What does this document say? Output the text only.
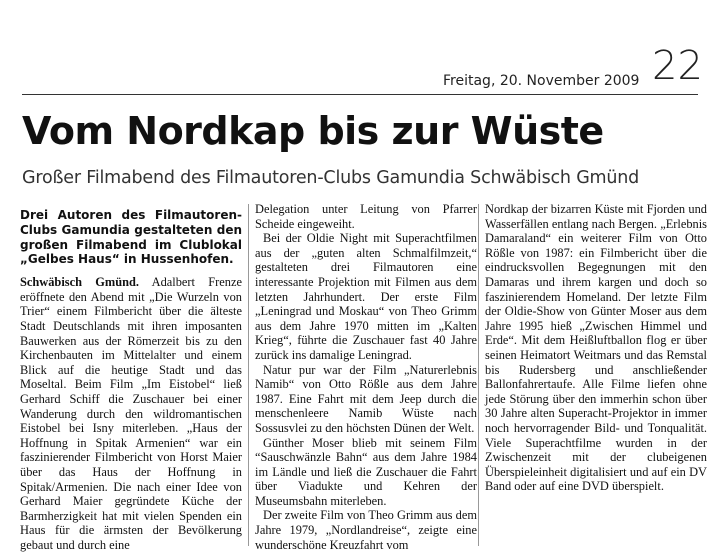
Freitag, 20. November 2009 22
Vom Nordkap bis zur Wüste
Großer Filmabend des Filmautoren-Clubs Gamundia Schwäbisch Gmünd

Drei Autoren des Filmautoren-Clubs Gamundia gestalteten den großen Filmabend im Clublokal „Gelbes Haus“ in Hussenhofen.

Schwäbisch Gmünd. Adalbert Frenze eröffnete den Abend mit „Die Wurzeln von Trier“ einem Filmbericht über die älteste Stadt Deutschlands mit ihren imposanten Bauwerken aus der Römerzeit bis zu den Kirchenbauten im Mittelalter und einem Blick auf die heutige Stadt und das Moseltal. Beim Film „Im Eistobel“ ließ Gerhard Schiff die Zuschauer bei einer Wanderung durch den wildromantischen Eistobel bei Isny miterleben. „Haus der Hoffnung in Spitak Armenien“ war ein faszinierender Filmbericht von Horst Maier über das Haus der Hoffnung in Spitak/Armenien. Die nach einer Idee von Gerhard Maier gegründete Küche der Barmherzigkeit hat mit vielen Spenden ein Haus für die ärmsten der Bevölkerung gebaut und durch eine

Delegation unter Leitung von Pfarrer Scheide eingeweiht.

Bei der Oldie Night mit Superachtfilmen aus der „guten alten Schmalfilmzeit,“ gestalteten drei Filmautoren eine interessante Projektion mit Filmen aus dem letzten Jahrhundert. Der erste Film „Leningrad und Moskau“ von Theo Grimm aus dem Jahre 1970 mitten im „Kalten Krieg“, führte die Zuschauer fast 40 Jahre zurück ins damalige Leningrad.

Natur pur war der Film „Naturerlebnis Namib“ von Otto Rößle aus dem Jahre 1987. Eine Fahrt mit dem Jeep durch die menschenleere Namib Wüste nach Sossusvlei zu den höchsten Dünen der Welt.

Günther Moser blieb mit seinem Film “Sauschwänzle Bahn“ aus dem Jahre 1984 im Ländle und ließ die Zuschauer die Fahrt über Viadukte und Kehren der Museumsbahn miterleben.

Der zweite Film von Theo Grimm aus dem Jahre 1979, „Nordlandreise“, zeigte eine wunderschöne Kreuzfahrt vom

Nordkap der bizarren Küste mit Fjorden und Wasserfällen entlang nach Bergen. „Erlebnis Damaraland“ ein weiterer Film von Otto Rößle von 1987: ein Filmbericht über die eindrucksvollen Begegnungen mit den Damaras und ihrem kargen und doch so faszinierendem Homeland. Der letzte Film der Oldie-Show von Günter Moser aus dem Jahre 1995 hieß „Zwischen Himmel und Erde“. Mit dem Heißluftballon flog er über seinen Heimatort Weitmars und das Remstal bis Rudersberg und anschließender Ballonfahrertaufe. Alle Filme liefen ohne jede Störung über den immerhin schon über 30 Jahre alten Superacht-Projektor in immer noch hervorragender Bild- und Tonqualität. Viele Superachtfilme wurden in der Zwischenzeit mit der clubeigenen Überspieleinheit digitalisiert und auf ein DV Band oder auf eine DVD überspielt.
